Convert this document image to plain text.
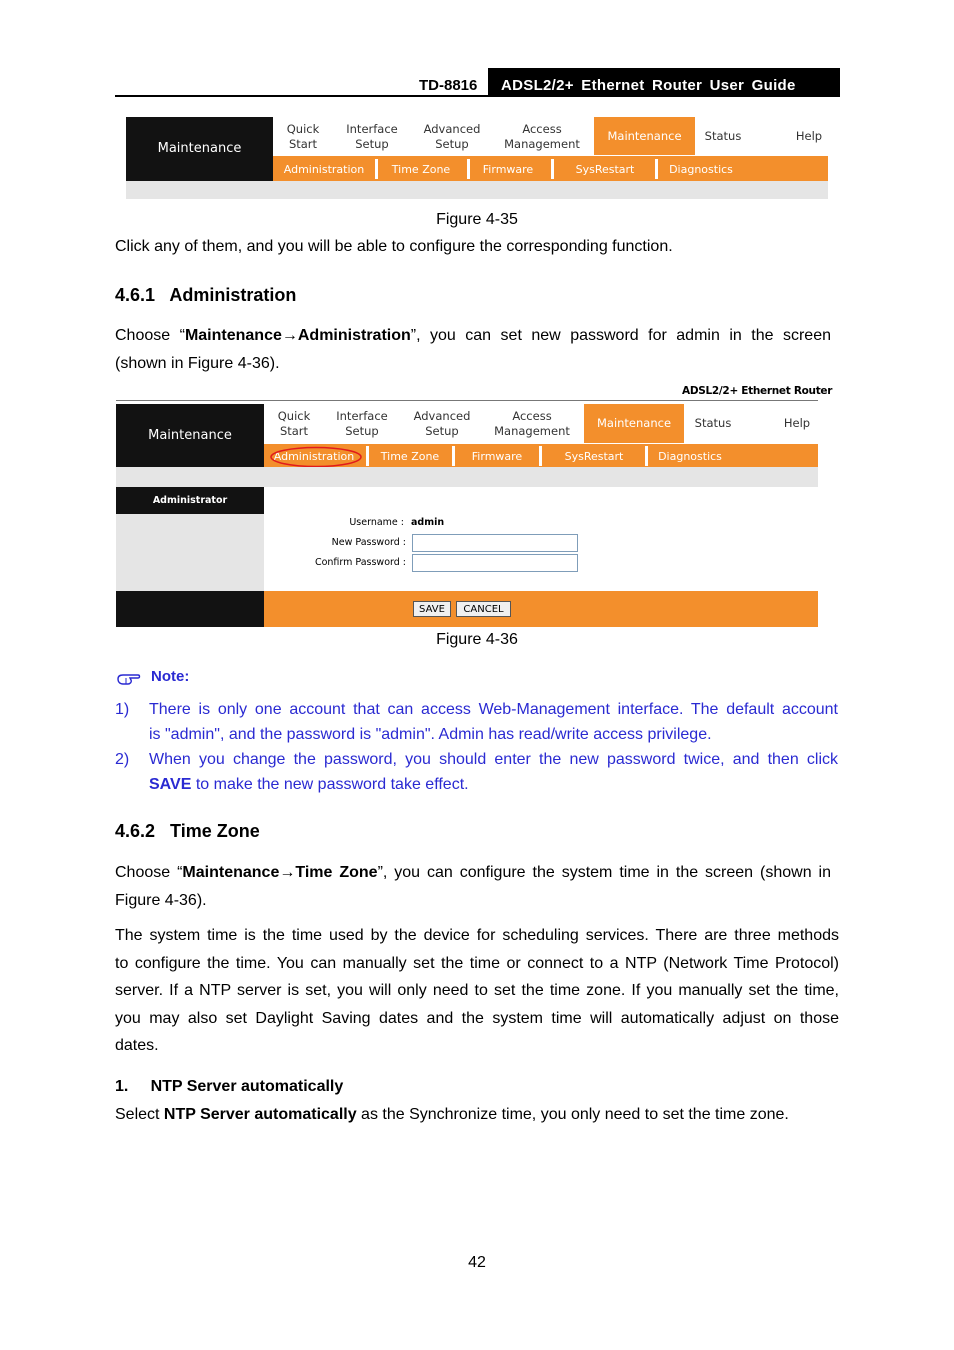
TD-8816 ADSL2/2+ Ethernet Router User Guide
Maintenance
Quick
Start
Interface
Setup
Advanced
Setup
Access
Management
Maintenance	Status	Help
Administration	Time Zone	Firmware	SysRestart	Diagnostics
Figure 4-35
Click any of them, and you will be able to configure the corresponding function.
4.6.1   Administration
Choose “Maintenance→Administration”, you can set new password for admin in the screen
(shown in Figure 4-36).
ADSL2/2+ Ethernet Router
Maintenance
Quick
Start
Interface
Setup
Advanced
Setup
Access
Management
Maintenance	Status	Help
Administration	Time Zone	Firmware	SysRestart	Diagnostics
Administrator
Username : admin
New Password :
Confirm Password :
SAVE	CANCEL
Figure 4-36
Note:
1) There is only one account that can access Web-Management interface. The default account
is "admin", and the password is "admin". Admin has read/write access privilege.
2) When you change the password, you should enter the new password twice, and then click
SAVE to make the new password take effect.
4.6.2   Time Zone
Choose “Maintenance→Time Zone”, you can configure the system time in the screen (shown in
Figure 4-36).
The system time is the time used by the device for scheduling services. There are three methods
to configure the time. You can manually set the time or connect to a NTP (Network Time Protocol)
server. If a NTP server is set, you will only need to set the time zone. If you manually set the time,
you may also set Daylight Saving dates and the system time will automatically adjust on those
dates.
1.     NTP Server automatically
Select NTP Server automatically as the Synchronize time, you only need to set the time zone.
42
